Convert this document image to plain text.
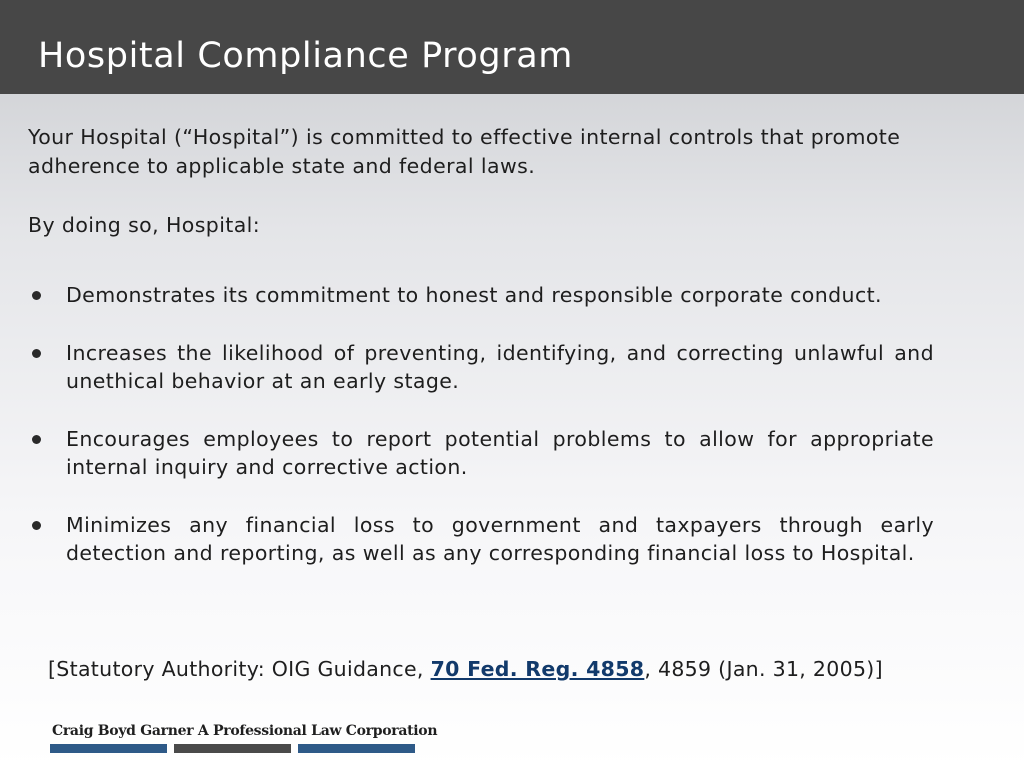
Hospital Compliance Program

Your Hospital (“Hospital”) is committed to effective internal controls that promote adherence to applicable state and federal laws.

By doing so, Hospital:

Demonstrates its commitment to honest and responsible corporate conduct.
Increases the likelihood of preventing, identifying, and correcting unlawful and unethical behavior at an early stage.
Encourages employees to report potential problems to allow for appropriate internal inquiry and corrective action.
Minimizes any financial loss to government and taxpayers through early detection and reporting, as well as any corresponding financial loss to Hospital.

[Statutory Authority: OIG Guidance, 70 Fed. Reg. 4858, 4859 (Jan. 31, 2005)]

Craig Boyd Garner A Professional Law Corporation
